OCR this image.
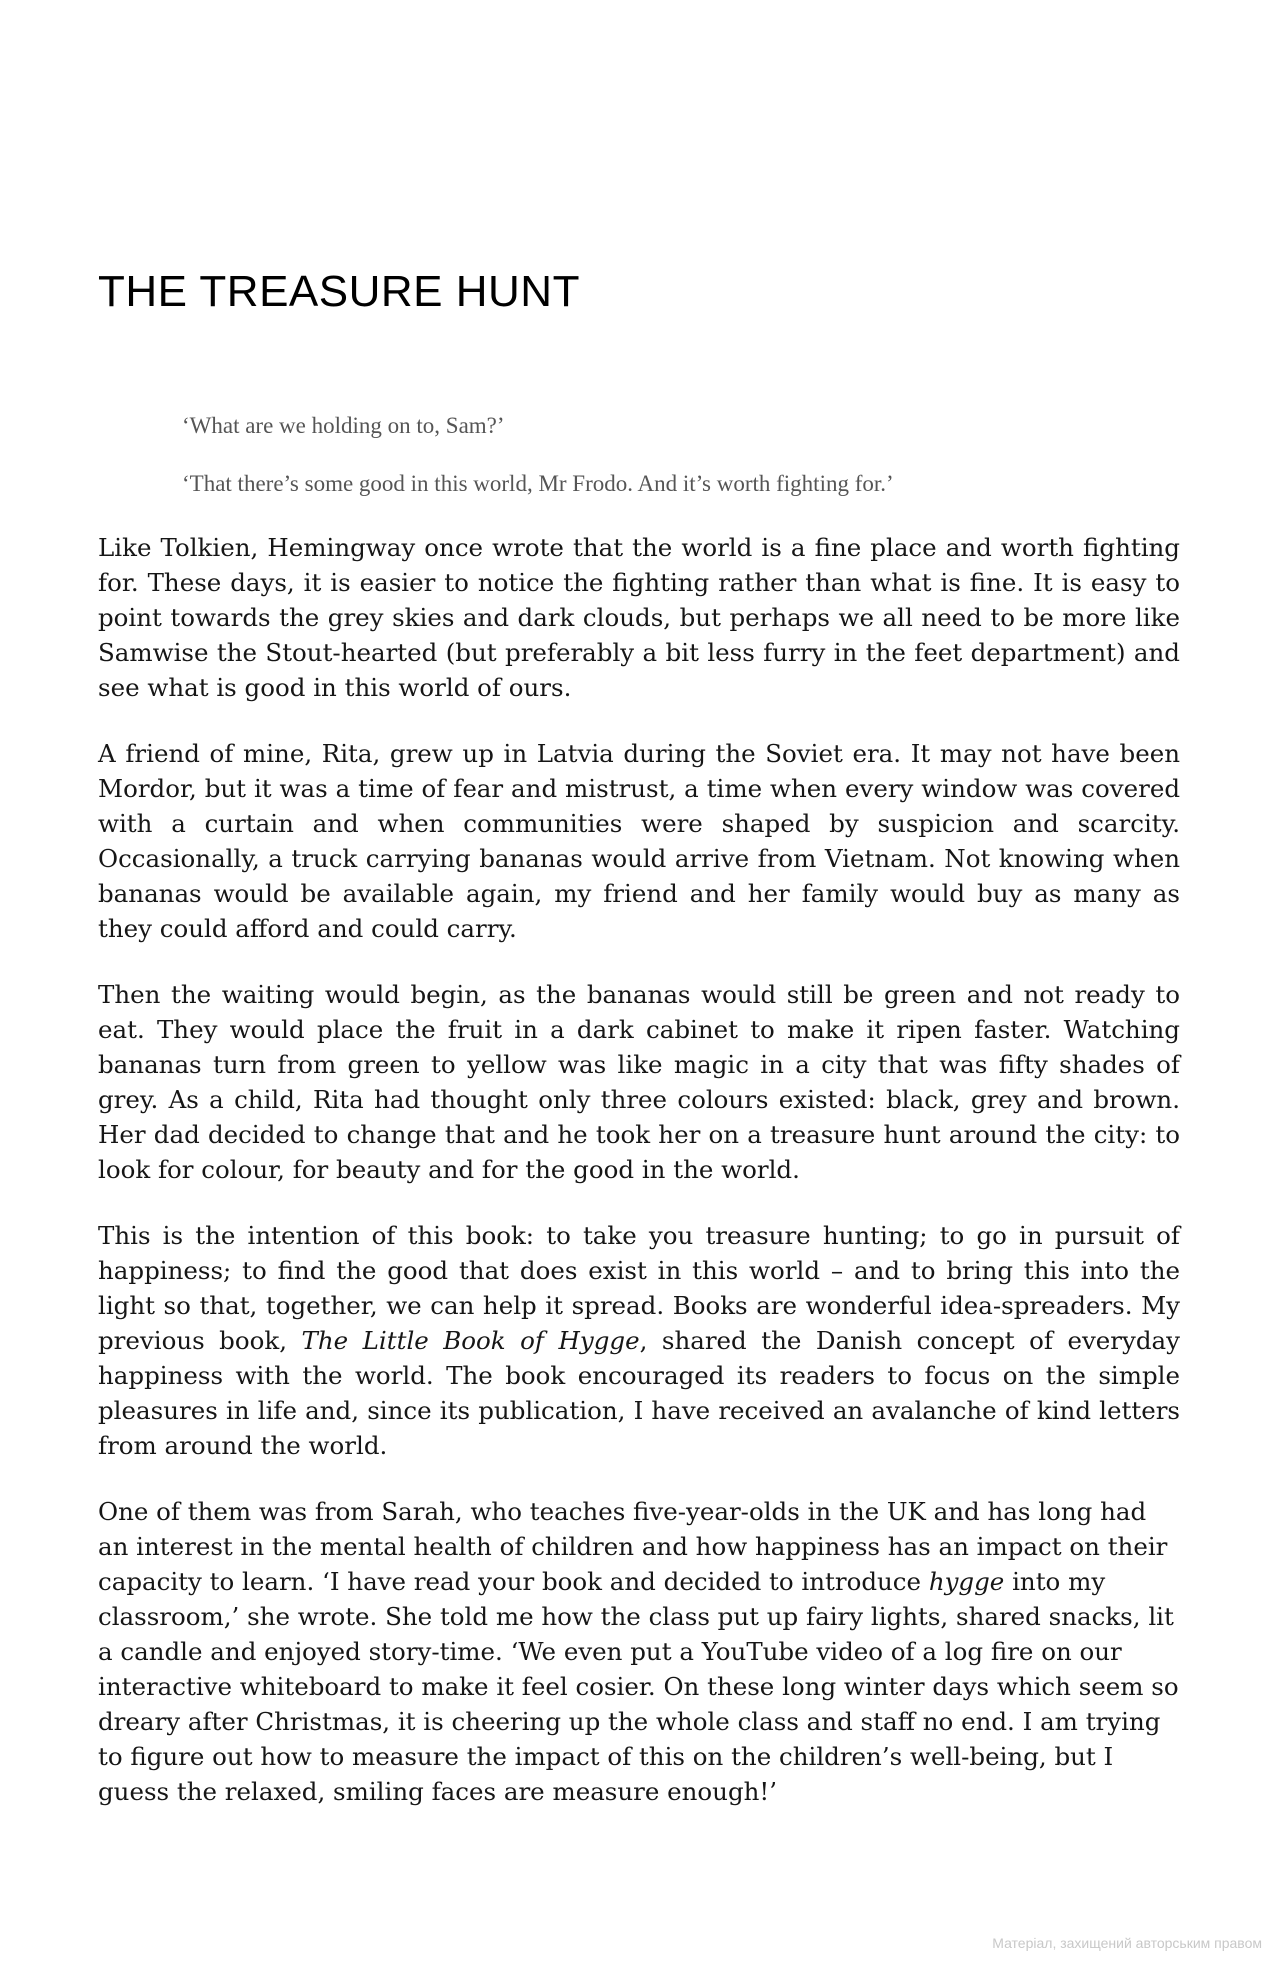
THE TREASURE HUNT

‘What are we holding on to, Sam?’

‘That there’s some good in this world, Mr Frodo. And it’s worth fighting for.’

Like Tolkien, Hemingway once wrote that the world is a fine place and worth fighting for. These days, it is easier to notice the fighting rather than what is fine. It is easy to point towards the grey skies and dark clouds, but perhaps we all need to be more like Samwise the Stout-hearted (but preferably a bit less furry in the feet department) and see what is good in this world of ours.

A friend of mine, Rita, grew up in Latvia during the Soviet era. It may not have been Mordor, but it was a time of fear and mistrust, a time when every window was covered with a curtain and when communities were shaped by suspicion and scarcity. Occasionally, a truck carrying bananas would arrive from Vietnam. Not knowing when bananas would be available again, my friend and her family would buy as many as they could afford and could carry.

Then the waiting would begin, as the bananas would still be green and not ready to eat. They would place the fruit in a dark cabinet to make it ripen faster. Watching bananas turn from green to yellow was like magic in a city that was fifty shades of grey. As a child, Rita had thought only three colours existed: black, grey and brown. Her dad decided to change that and he took her on a treasure hunt around the city: to look for colour, for beauty and for the good in the world.

This is the intention of this book: to take you treasure hunting; to go in pursuit of happiness; to find the good that does exist in this world – and to bring this into the light so that, together, we can help it spread. Books are wonderful idea-spreaders. My previous book, The Little Book of Hygge, shared the Danish concept of everyday happiness with the world. The book encouraged its readers to focus on the simple pleasures in life and, since its publication, I have received an avalanche of kind letters from around the world.

One of them was from Sarah, who teaches five-year-olds in the UK and has long had an interest in the mental health of children and how happiness has an impact on their capacity to learn. ‘I have read your book and decided to introduce hygge into my classroom,’ she wrote. She told me how the class put up fairy lights, shared snacks, lit a candle and enjoyed story-time. ‘We even put a YouTube video of a log fire on our interactive whiteboard to make it feel cosier. On these long winter days which seem so dreary after Christmas, it is cheering up the whole class and staff no end. I am trying to figure out how to measure the impact of this on the children’s well-being, but I guess the relaxed, smiling faces are measure enough!’

Матеріал, захищений авторським правом
